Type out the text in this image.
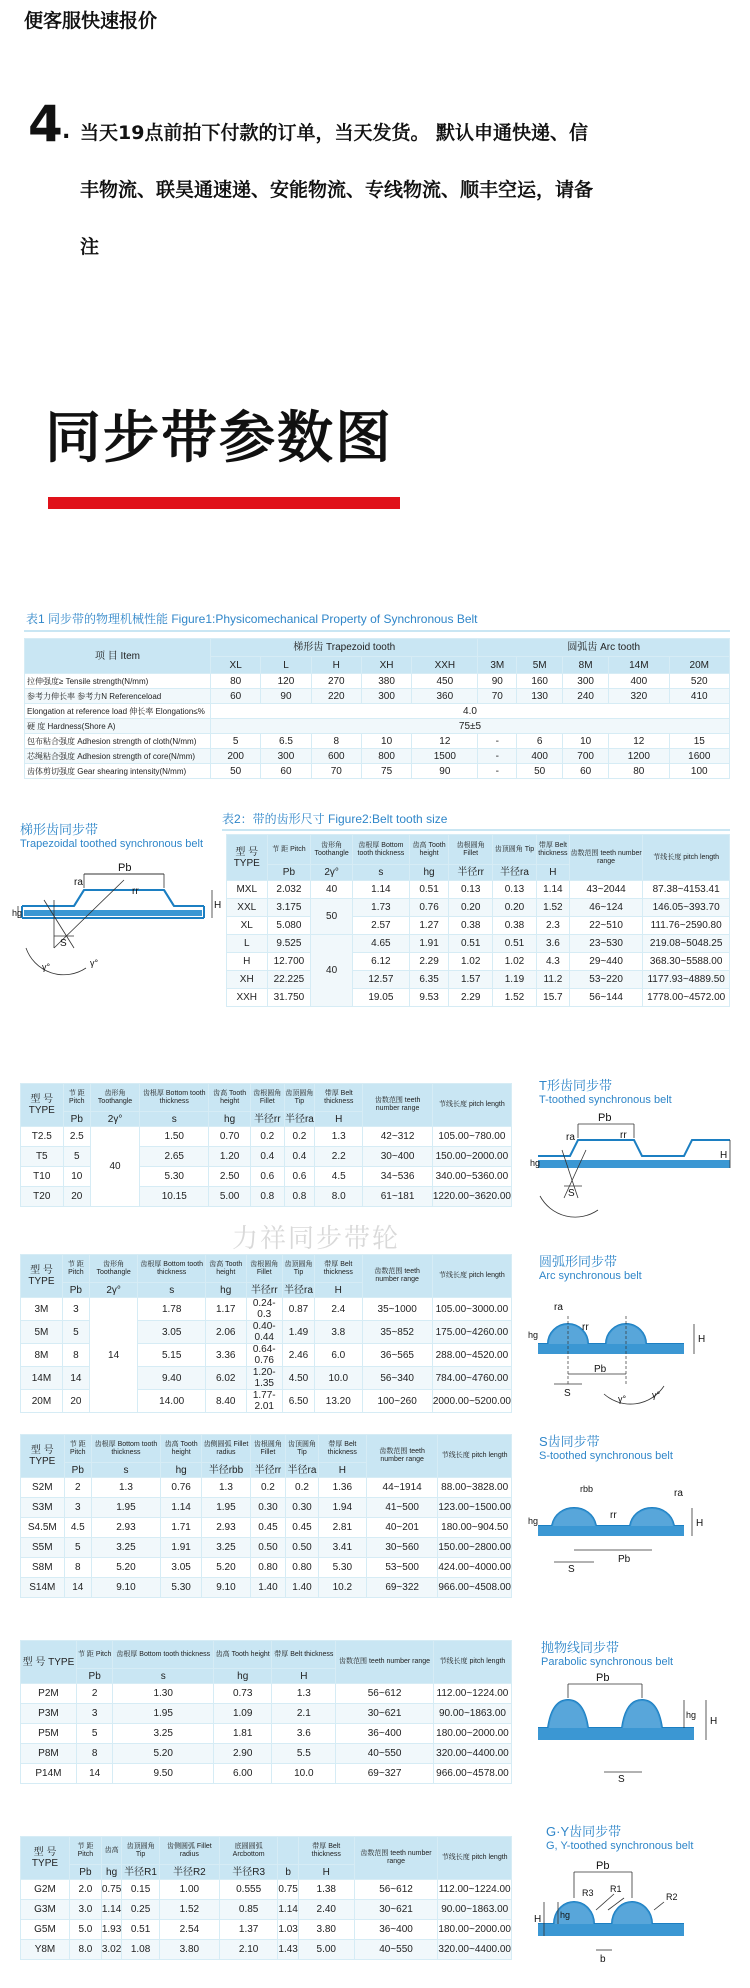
便客服快速报价
4 . 当天19点前拍下付款的订单，当天发货。 默认申通快递、信
丰物流、联昊通速递、安能物流、专线物流、顺丰空运，请备
注
同步带参数图
表1 同步带的物理机械性能 Figure1:Physicomechanical Property of Synchronous Belt
项 目 Item	梯形齿 Trapezoid tooth					圆弧齿 Arc tooth				
	XL	L	H	XH	XXH	3M	5M	8M	14M	20M
拉伸强度≥ Tensile strength(N/mm)	80	120	270	380	450	90	160	300	400	520
参考力伸长率 参考力N Referenceload	60	90	220	300	360	70	130	240	320	410
Elongation at reference load 伸长率 Elongation≤%	4.0									
硬 度 Hardness(Shore A)	75±5									
包布粘合强度 Adhesion strength of cloth(N/mm)	5	6.5	8	10	12	-	6	10	12	15
芯绳粘合强度 Adhesion strength of core(N/mm)	200	300	600	800	1500	-	400	700	1200	1600
齿体剪切强度 Gear shearing intensity(N/mm)	50	60	70	75	90	-	50	60	80	100
表2：带的齿形尺寸 Figure2:Belt tooth size
梯形齿同步带
Trapezoidal toothed synchronous belt
型 号 TYPE	节 距 Pitch	齿形角 Toothangle	齿根厚 Bottom tooth thickness	齿高 Tooth height	齿根圆角 Fillet	齿顶圆角 Tip	带厚 Belt thickness	齿数范围 teeth number range	节线长度 pitch length
	Pb	2γ°	s	hg	半径rr	半径ra	H		
MXL	2.032	40	1.14	0.51	0.13	0.13	1.14	43~2044	87.38~4153.41
XXL	3.175	50	1.73	0.76	0.20	0.20	1.52	46~124	146.05~393.70
XL	5.080		2.57	1.27	0.38	0.38	2.3	22~510	111.76~2590.80
L	9.525	40	4.65	1.91	0.51	0.51	3.6	23~530	219.08~5048.25
H	12.700		6.12	2.29	1.02	1.02	4.3	29~440	368.30~5588.00
XH	22.225		12.57	6.35	1.57	1.19	11.2	53~220	1177.93~4889.50
XXH	31.750		19.05	9.53	2.29	1.52	15.7	56~144	1778.00~4572.00
Pb
rr
ra
hg
S
H
γ°	γ°
型 号 TYPE	节 距 Pitch	齿形角 Toothangle	齿根厚 Bottom tooth thickness	齿高 Tooth height	齿根圆角 Fillet	齿顶圆角 Tip	带厚 Belt thickness	齿数范围 teeth number range	节线长度 pitch length
	Pb	2γ°	s	hg	半径rr	半径ra	H		
T2.5	2.5	40	1.50	0.70	0.2	0.2	1.3	42~312	105.00~780.00
T5	5		2.65	1.20	0.4	0.4	2.2	30~400	150.00~2000.00
T10	10		5.30	2.50	0.6	0.6	4.5	34~536	340.00~5360.00
T20	20		10.15	5.00	0.8	0.8	8.0	61~181	1220.00~3620.00
T形齿同步带
T-toothed synchronous belt
Pb
rr
ra
hg
S
H
力祥同步带轮
型 号 TYPE	节 距 Pitch	齿形角 Toothangle	齿根厚 Bottom tooth thickness	齿高 Tooth height	齿根圆角 Fillet	齿顶圆角 Tip	带厚 Belt thickness	齿数范围 teeth number range	节线长度 pitch length
	Pb	2γ°	s	hg	半径rr	半径ra	H		
3M	3	14	1.78	1.17	0.24-0.3	0.87	2.4	35~1000	105.00~3000.00
5M	5		3.05	2.06	0.40-0.44	1.49	3.8	35~852	175.00~4260.00
8M	8		5.15	3.36	0.64-0.76	2.46	6.0	36~565	288.00~4520.00
14M	14		9.40	6.02	1.20-1.35	4.50	10.0	56~340	784.00~4760.00
20M	20		14.00	8.40	1.77-2.01	6.50	13.20	100~260	2000.00~5200.00
圆弧形同步带
Arc synchronous belt
ra
rr
hg	H
S
Pb
γ°	γ°
型 号 TYPE	节 距 Pitch	齿根厚 Bottom tooth thickness	齿高 Tooth height	齿侧圆弧 Fillet radius	齿根圆角 Fillet	齿顶圆角 Tip	带厚 Belt thickness	齿数范围 teeth number range	节线长度 pitch length
	Pb	s	hg	半径rbb	半径rr	半径ra	H		
S2M	2	1.3	0.76	1.3	0.2	0.2	1.36	44~1914	88.00~3828.00
S3M	3	1.95	1.14	1.95	0.30	0.30	1.94	41~500	123.00~1500.00
S4.5M	4.5	2.93	1.71	2.93	0.45	0.45	2.81	40~201	180.00~904.50
S5M	5	3.25	1.91	3.25	0.50	0.50	3.41	30~560	150.00~2800.00
S8M	8	5.20	3.05	5.20	0.80	0.80	5.30	53~500	424.00~4000.00
S14M	14	9.10	5.30	9.10	1.40	1.40	10.2	69~322	966.00~4508.00
S齿同步带
S-toothed synchronous belt
rbb	ra
rr
hg
S
H
Pb
型 号 TYPE	节 距 Pitch	齿根厚 Bottom tooth thickness	齿高 Tooth height	带厚 Belt thickness	齿数范围 teeth number range	节线长度 pitch length
	Pb	s	hg	H		
P2M	2	1.30	0.73	1.3	56~612	112.00~1224.00
P3M	3	1.95	1.09	2.1	30~621	90.00~1863.00
P5M	5	3.25	1.81	3.6	36~400	180.00~2000.00
P8M	8	5.20	2.90	5.5	40~550	320.00~4400.00
P14M	14	9.50	6.00	10.0	69~327	966.00~4578.00
抛物线同步带
Parabolic synchronous belt
Pb
hg
H
S
型 号 TYPE	节 距 Pitch	齿高	齿顶圆角 Tip	齿侧圆弧 Fillet radius	底圆圆弧 Arcbottom		带厚 Belt thickness	齿数范围 teeth number range	节线长度 pitch length
	Pb	hg	半径R1	半径R2	半径R3	b	H		
G2M	2.0	0.75	0.15	1.00	0.555	0.75	1.38	56~612	112.00~1224.00
G3M	3.0	1.14	0.25	1.52	0.85	1.14	2.40	30~621	90.00~1863.00
G5M	5.0	1.93	0.51	2.54	1.37	1.03	3.80	36~400	180.00~2000.00
Y8M	8.0	3.02	1.08	3.80	2.10	1.43	5.00	40~550	320.00~4400.00
G·Y齿同步带
G, Y-toothed synchronous belt
Pb
R3 R1
R2
b
hg
H
